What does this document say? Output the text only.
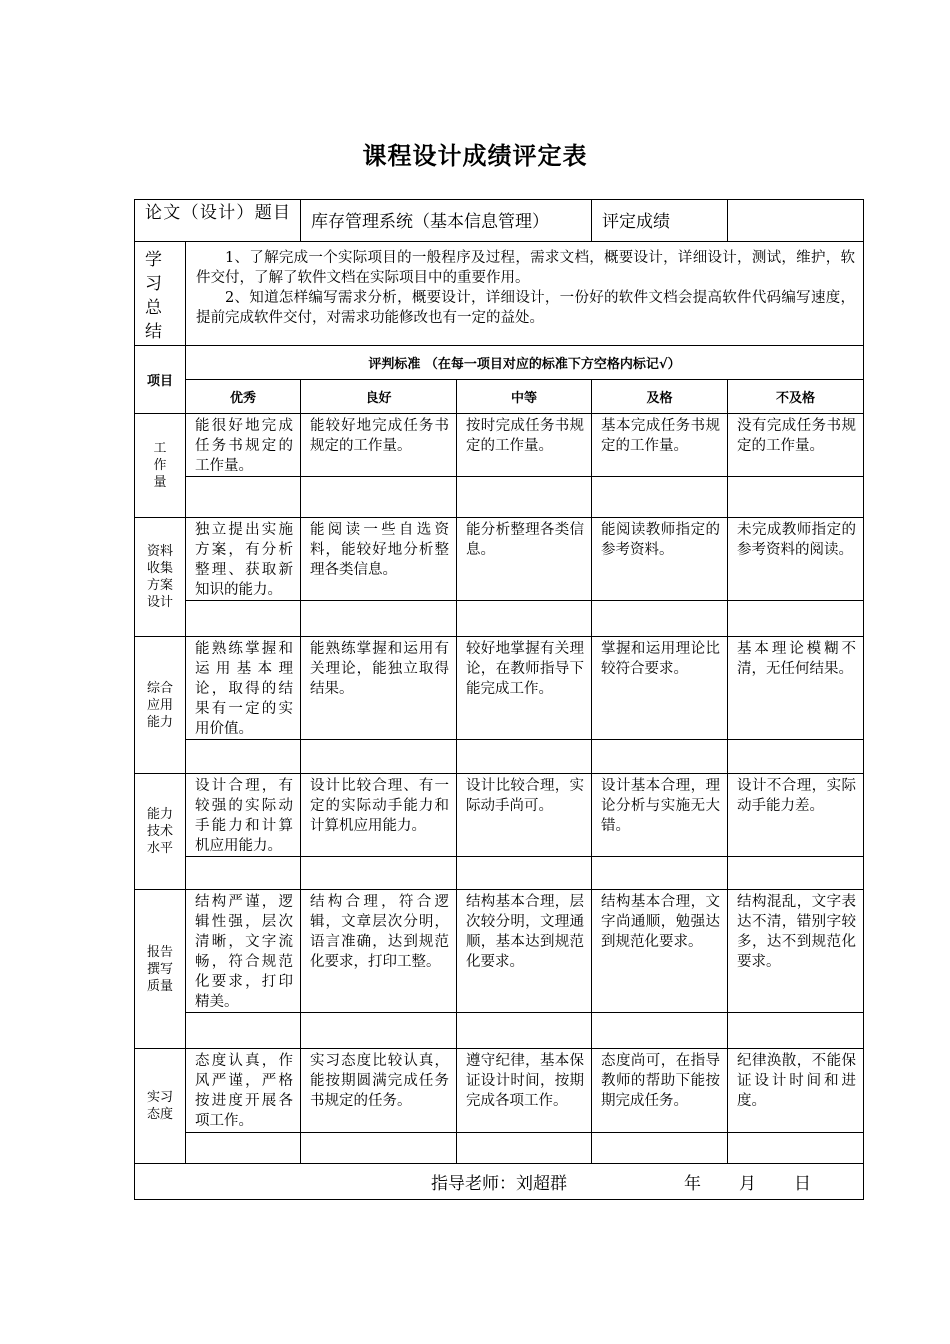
课程设计成绩评定表
论文（设计）题目		库存管理系统（基本信息管理）		评定成绩	

学习总结	1、了解完成一个实际项目的一般程序及过程，需求文档，概要设计，详细设计，测试，维护，软件交付，了解了软件文档在实际项目中的重要作用。

2、知道怎样编写需求分析，概要设计，详细设计，一份好的软件文档会提高软件代码编写速度，提前完成软件交付，对需求功能修改也有一定的益处。				

项目	评判标准 （在每一项目对应的标准下方空格内标记√）				
	优秀	良好	中等	及格	不及格
工作量	能很好地完成任务书规定的工作量。	能较好地完成任务书规定的工作量。	按时完成任务书规定的工作量。	基本完成任务书规定的工作量。	没有完成任务书规定的工作量。

资料收集方案设计	独立提出实施方案，有分析整理、获取新知识的能力。	能阅读一些自选资料，能较好地分析整理各类信息。	能分析整理各类信息。	能阅读教师指定的参考资料。	未完成教师指定的参考资料的阅读。

综合应用能力	能熟练掌握和运用基本理论，取得的结果有一定的实用价值。	能熟练掌握和运用有关理论，能独立取得结果。	较好地掌握有关理论，在教师指导下能完成工作。	掌握和运用理论比较符合要求。	基本理论模糊不清，无任何结果。

能力技术水平	设计合理，有较强的实际动手能力和计算机应用能力。	设计比较合理、有一定的实际动手能力和计算机应用能力。	设计比较合理，实际动手尚可。	设计基本合理，理论分析与实施无大错。	设计不合理，实际动手能力差。

报告撰写质量	结构严谨，逻辑性强，层次清晰，文字流畅，符合规范化要求，打印精美。	结构合理，符合逻辑，文章层次分明，语言准确，达到规范化要求，打印工整。	结构基本合理，层次较分明，文理通顺，基本达到规范化要求。	结构基本合理，文字尚通顺，勉强达到规范化要求。	结构混乱，文字表达不清，错别字较多，达不到规范化要求。

实习态度	态度认真，作风严谨，严格按进度开展各项工作。	实习态度比较认真，能按期圆满完成任务书规定的任务。	遵守纪律，基本保证设计时间，按期完成各项工作。	态度尚可，在指导教师的帮助下能按期完成任务。	纪律涣散，不能保证设计时间和进度。

指导老师：刘超群 年 月 日					
